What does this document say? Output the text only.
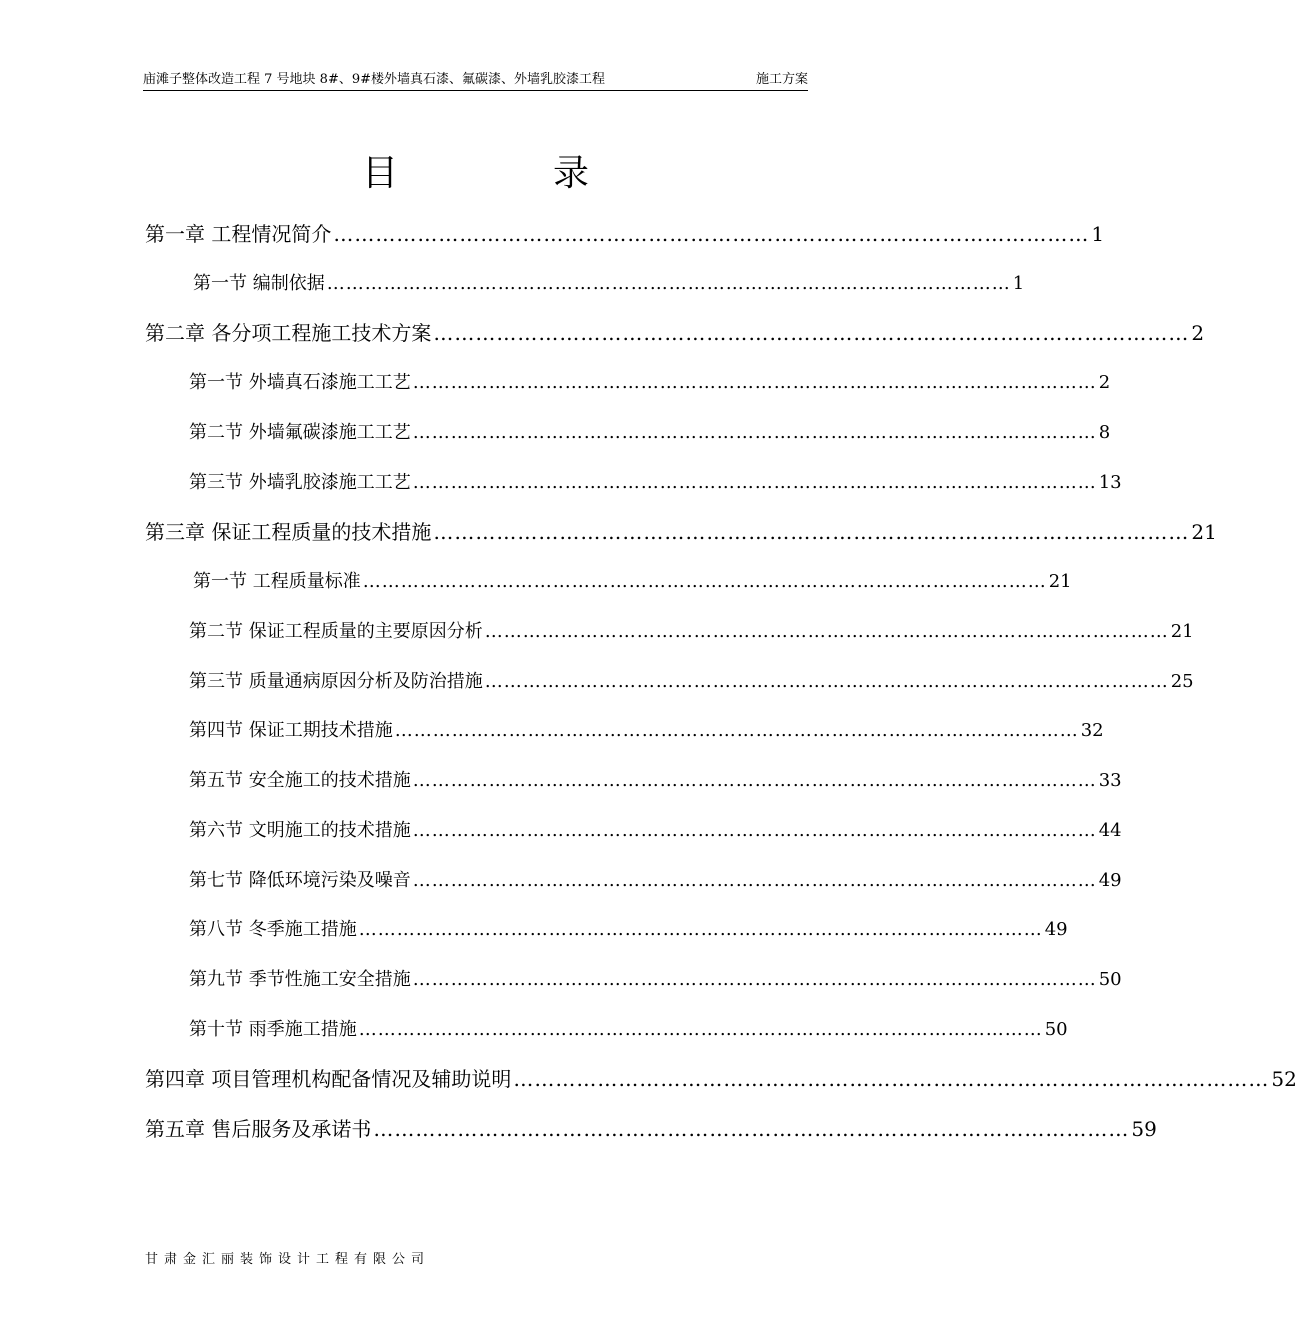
庙滩子整体改造工程 7 号地块 8#、9#楼外墙真石漆、氟碳漆、外墙乳胶漆工程	施工方案
目	录
第一章 工程情况简介 ……………………………………………………………………………………………… 1
第一节 编制依据 ……………………………………………………………………………………………… 1
第二章 各分项工程施工技术方案 ……………………………………………………………………………………………… 2
第一节 外墙真石漆施工工艺 ……………………………………………………………………………………………… 2
第二节 外墙氟碳漆施工工艺 ……………………………………………………………………………………………… 8
第三节 外墙乳胶漆施工工艺 ……………………………………………………………………………………………… 13
第三章 保证工程质量的技术措施 ……………………………………………………………………………………………… 21
第一节 工程质量标准 ……………………………………………………………………………………………… 21
第二节 保证工程质量的主要原因分析 ……………………………………………………………………………………………… 21
第三节 质量通病原因分析及防治措施 ……………………………………………………………………………………………… 25
第四节 保证工期技术措施 ……………………………………………………………………………………………… 32
第五节 安全施工的技术措施 ……………………………………………………………………………………………… 33
第六节 文明施工的技术措施 ……………………………………………………………………………………………… 44
第七节 降低环境污染及噪音 ……………………………………………………………………………………………… 49
第八节 冬季施工措施 ……………………………………………………………………………………………… 49
第九节 季节性施工安全措施 ……………………………………………………………………………………………… 50
第十节 雨季施工措施 ……………………………………………………………………………………………… 50
第四章 项目管理机构配备情况及辅助说明 ……………………………………………………………………………………………… 52
第五章 售后服务及承诺书 ……………………………………………………………………………………………… 59
甘肃金汇丽装饰设计工程有限公司
